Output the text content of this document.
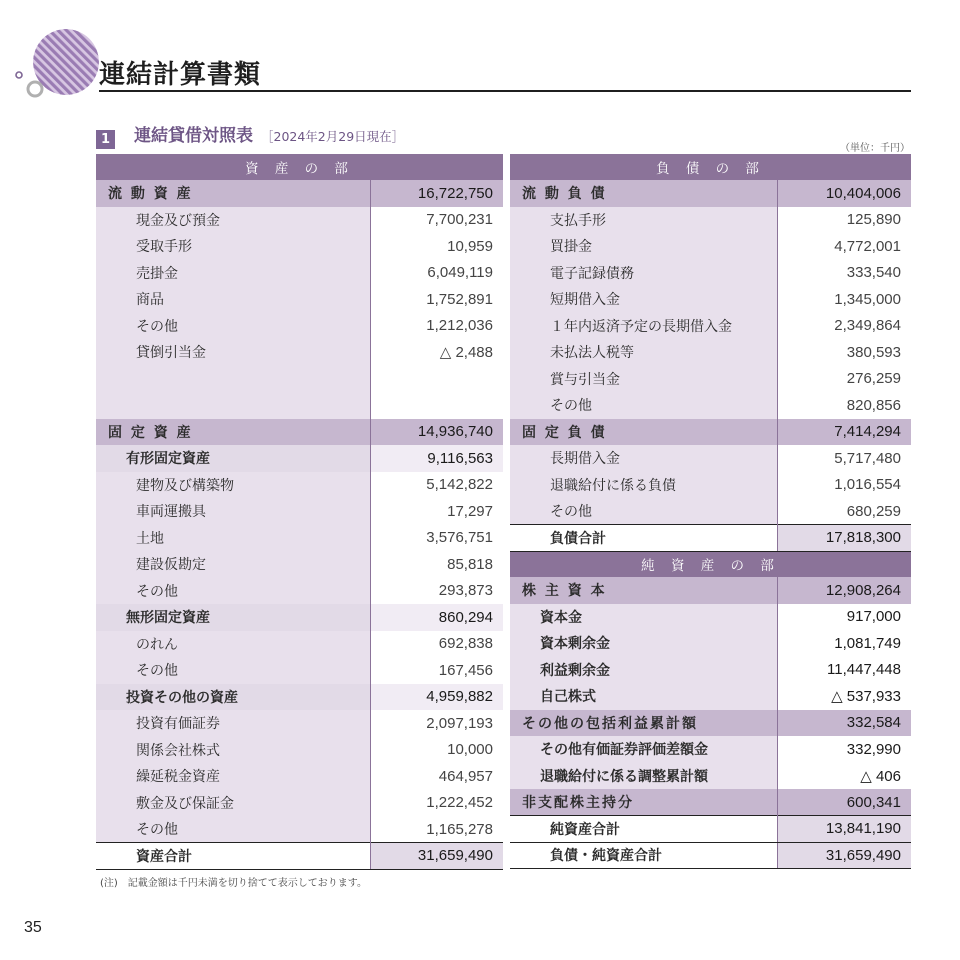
連結計算書類
1 連結貸借対照表 ［2024年2月29日現在］
（単位：千円）
資 産 の 部	
流 動 資 産	16,722,750
現金及び預金	7,700,231
受取手形	10,959
売掛金	6,049,119
商品	1,752,891
その他	1,212,036
貸倒引当金	△ 2,488

固 定 資 産	14,936,740
有形固定資産	9,116,563
建物及び構築物	5,142,822
車両運搬具	17,297
土地	3,576,751
建設仮勘定	85,818
その他	293,873
無形固定資産	860,294
のれん	692,838
その他	167,456
投資その他の資産	4,959,882
投資有価証券	2,097,193
関係会社株式	10,000
繰延税金資産	464,957
敷金及び保証金	1,222,452
その他	1,165,278
資産合計	31,659,490
負 債 の 部	
流 動 負 債	10,404,006
支払手形	125,890
買掛金	4,772,001
電子記録債務	333,540
短期借入金	1,345,000
１年内返済予定の長期借入金	2,349,864
未払法人税等	380,593
賞与引当金	276,259
その他	820,856
固 定 負 債	7,414,294
長期借入金	5,717,480
退職給付に係る負債	1,016,554
その他	680,259
負債合計	17,818,300
純 資 産 の 部	
株 主 資 本	12,908,264
資本金	917,000
資本剰余金	1,081,749
利益剰余金	11,447,448
自己株式	△ 537,933
その他の包括利益累計額	332,584
その他有価証券評価差額金	332,990
退職給付に係る調整累計額	△ 406
非支配株主持分	600,341
純資産合計	13,841,190
負債・純資産合計	31,659,490
(注)　記載金額は千円未満を切り捨てて表示しております。
35
